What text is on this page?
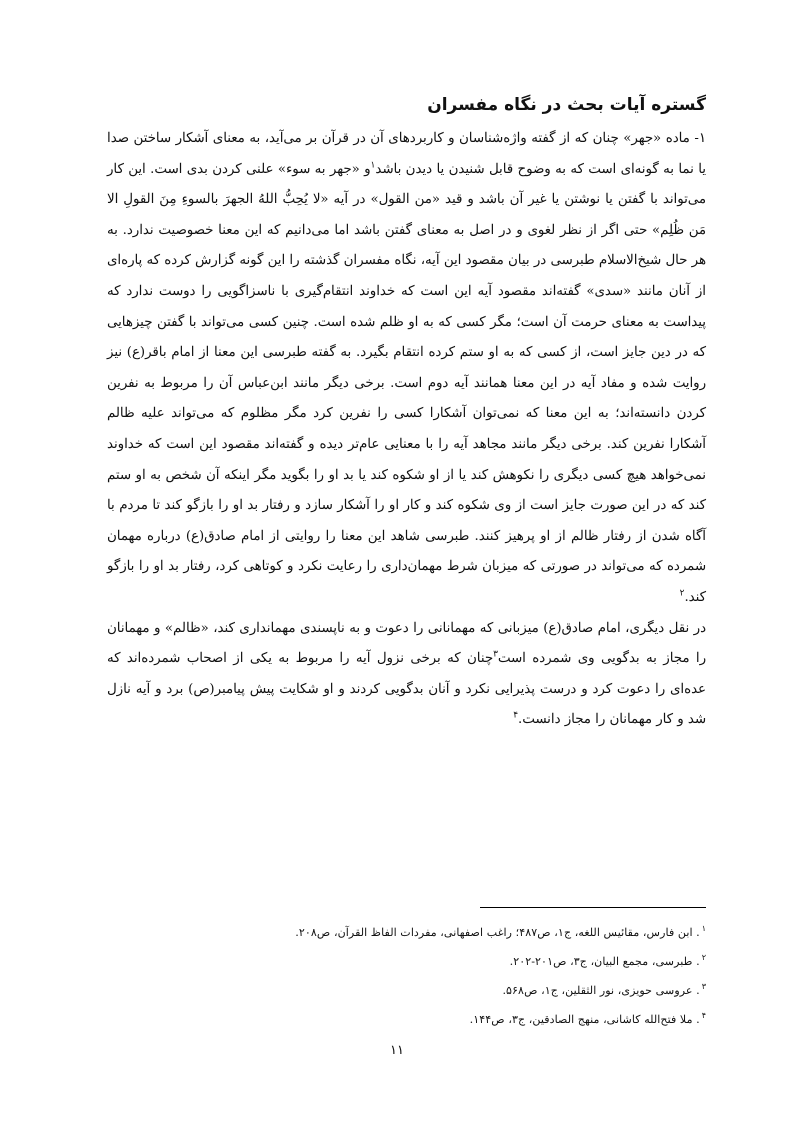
گستره آیات بحث در نگاه مفسران

۱- ماده «جهر» چنان که از گفته واژه‌شناسان و کاربردهای آن در قرآن بر می‌آید، به معنای آشکار ساختن صدا یا نما به گونه‌ای است که به وضوح قابل شنیدن یا دیدن باشد$^۱$و «جهر به سوء» علنی کردن بدی است. این کار می‌تواند با گفتن یا نوشتن یا غیر آن باشد و قید «من القول» در آیه «لا یُحِبُّ اللهُ الجهرَ بالسوءِ مِنَ القولِ الا مَن ظُلِم» حتی اگر از نظر لغوی و در اصل به معنای گفتن باشد اما می‌دانیم که این معنا خصوصیت ندارد. به هر حال شیخ‌الاسلام طبرسی در بیان مقصود این آیه، نگاه مفسران گذشته را این گونه گزارش کرده که پاره‌ای از آنان مانند «سدی» گفته‌اند مقصود آیه این است که خداوند انتقام‌گیری با ناسزاگویی را دوست ندارد که پیداست به معنای حرمت آن است؛ مگر کسی که به او ظلم شده است. چنین کسی می‌تواند با گفتن چیزهایی که در دین جایز است، از کسی که به او ستم کرده انتقام بگیرد. به گفته طبرسی این معنا از امام باقر(ع) نیز روایت شده و مفاد آیه در این معنا همانند آیه دوم است. برخی دیگر مانند ابن‌عباس آن را مربوط به نفرین کردن دانسته‌اند؛ به این معنا که نمی‌توان آشکارا کسی را نفرین کرد مگر مظلوم که می‌تواند علیه ظالم آشکارا نفرین کند. برخی دیگر مانند مجاهد آیه را با معنایی عام‌تر دیده و گفته‌اند مقصود این است که خداوند نمی‌خواهد هیچ کسی دیگری را نکوهش کند یا از او شکوه کند یا بد او را بگوید مگر اینکه آن شخص به او ستم کند که در این صورت جایز است از وی شکوه کند و کار او را آشکار سازد و رفتار بد او را بازگو کند تا مردم با آگاه شدن از رفتار ظالم از او پرهیز کنند. طبرسی شاهد این معنا را روایتی از امام صادق(ع) درباره مهمان شمرده که می‌تواند در صورتی که میزبان شرط مهمان‌داری را رعایت نکرد و کوتاهی کرد، رفتار بد او را بازگو کند.$^۲$

در نقل دیگری، امام صادق(ع) میزبانی که مهمانانی را دعوت و به ناپسندی مهمانداری کند، «ظالم» و مهمانان را مجاز به بدگویی وی شمرده است$^۳$چنان که برخی نزول آیه را مربوط به یکی از اصحاب شمرده‌اند که عده‌ای را دعوت کرد و درست پذیرایی نکرد و آنان بدگویی کردند و او شکایت پیش پیامبر(ص) برد و آیه نازل شد و کار مهمانان را مجاز دانست.$^۴$

$^۱$. ابن فارس، مقائیس اللغه، ج۱، ص۴۸۷؛ راغب اصفهانی، مفردات الفاظ القرآن، ص۲۰۸.

$^۲$. طبرسی، مجمع البیان، ج۳، ص۲۰۱-۲۰۲.

$^۳$. عروسی حویزی، نور الثقلین، ج۱، ص۵۶۸.

$^۴$. ملا فتح‌الله کاشانی، منهج الصادقین، ج۳، ص۱۴۴.

۱۱
